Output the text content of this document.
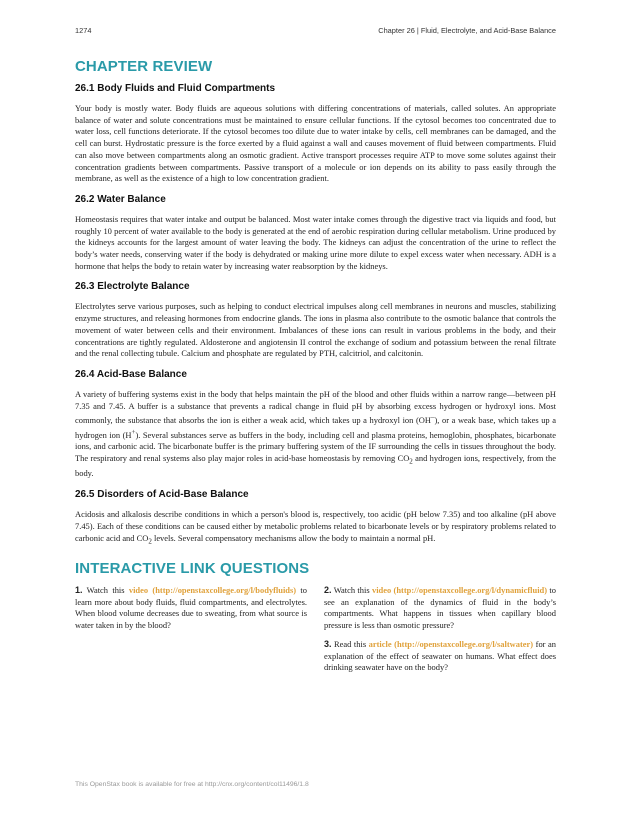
1274	Chapter 26 | Fluid, Electrolyte, and Acid-Base Balance
CHAPTER REVIEW
26.1 Body Fluids and Fluid Compartments

Your body is mostly water. Body fluids are aqueous solutions with differing concentrations of materials, called solutes. An appropriate balance of water and solute concentrations must be maintained to ensure cellular functions. If the cytosol becomes too concentrated due to water loss, cell functions deteriorate. If the cytosol becomes too dilute due to water intake by cells, cell membranes can be damaged, and the cell can burst. Hydrostatic pressure is the force exerted by a fluid against a wall and causes movement of fluid between compartments. Fluid can also move between compartments along an osmotic gradient. Active transport processes require ATP to move some solutes against their concentration gradients between compartments. Passive transport of a molecule or ion depends on its ability to pass easily through the membrane, as well as the existence of a high to low concentration gradient.

26.2 Water Balance

Homeostasis requires that water intake and output be balanced. Most water intake comes through the digestive tract via liquids and food, but roughly 10 percent of water available to the body is generated at the end of aerobic respiration during cellular metabolism. Urine produced by the kidneys accounts for the largest amount of water leaving the body. The kidneys can adjust the concentration of the urine to reflect the body’s water needs, conserving water if the body is dehydrated or making urine more dilute to expel excess water when necessary. ADH is a hormone that helps the body to retain water by increasing water reabsorption by the kidneys.

26.3 Electrolyte Balance

Electrolytes serve various purposes, such as helping to conduct electrical impulses along cell membranes in neurons and muscles, stabilizing enzyme structures, and releasing hormones from endocrine glands. The ions in plasma also contribute to the osmotic balance that controls the movement of water between cells and their environment. Imbalances of these ions can result in various problems in the body, and their concentrations are tightly regulated. Aldosterone and angiotensin II control the exchange of sodium and potassium between the renal filtrate and the renal collecting tubule. Calcium and phosphate are regulated by PTH, calcitriol, and calcitonin.

26.4 Acid-Base Balance

A variety of buffering systems exist in the body that helps maintain the pH of the blood and other fluids within a narrow range—between pH 7.35 and 7.45. A buffer is a substance that prevents a radical change in fluid pH by absorbing excess hydrogen or hydroxyl ions. Most commonly, the substance that absorbs the ion is either a weak acid, which takes up a hydroxyl ion (OH–), or a weak base, which takes up a hydrogen ion (H+). Several substances serve as buffers in the body, including cell and plasma proteins, hemoglobin, phosphates, bicarbonate ions, and carbonic acid. The bicarbonate buffer is the primary buffering system of the IF surrounding the cells in tissues throughout the body. The respiratory and renal systems also play major roles in acid-base homeostasis by removing $CO_2$ and hydrogen ions, respectively, from the body.

26.5 Disorders of Acid-Base Balance

Acidosis and alkalosis describe conditions in which a person's blood is, respectively, too acidic (pH below 7.35) and too alkaline (pH above 7.45). Each of these conditions can be caused either by metabolic problems related to bicarbonate levels or by respiratory problems related to carbonic acid and $CO_2$ levels. Several compensatory mechanisms allow the body to maintain a normal pH.

INTERACTIVE LINK QUESTIONS

1. Watch this video (http://openstaxcollege.org/l/bodyfluids) to learn more about body fluids, fluid compartments, and electrolytes. When blood volume decreases due to sweating, from what source is water taken in by the blood?

2. Watch this video (http://openstaxcollege.org/l/dynamicfluid) to see an explanation of the dynamics of fluid in the body’s compartments. What happens in tissues when capillary blood pressure is less than osmotic pressure?

3. Read this article (http://openstaxcollege.org/l/saltwater) for an explanation of the effect of seawater on humans. What effect does drinking seawater have on the body?

This OpenStax book is available for free at http://cnx.org/content/col11496/1.8
